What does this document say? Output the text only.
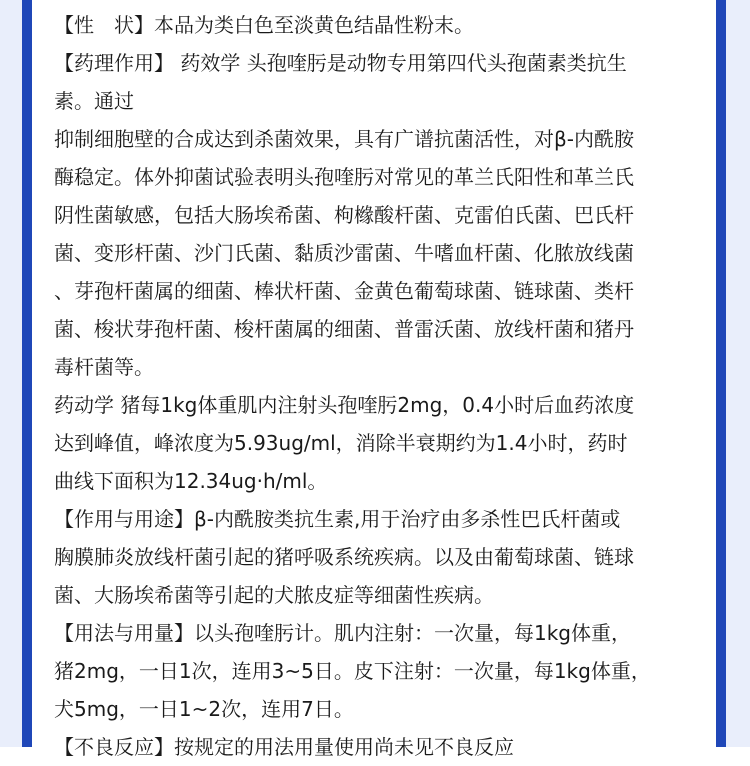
【性　状】本品为类白色至淡黄色结晶性粉末。
【药理作用】 药效学 头孢喹肟是动物专用第四代头孢菌素类抗生
素。通过
抑制细胞壁的合成达到杀菌效果，具有广谱抗菌活性，对β-内酰胺
酶稳定。体外抑菌试验表明头孢喹肟对常见的革兰氏阳性和革兰氏
阴性菌敏感，包括大肠埃希菌、枸橼酸杆菌、克雷伯氏菌、巴氏杆
菌、变形杆菌、沙门氏菌、黏质沙雷菌、牛嗜血杆菌、化脓放线菌
、芽孢杆菌属的细菌、棒状杆菌、金黄色葡萄球菌、链球菌、类杆
菌、梭状芽孢杆菌、梭杆菌属的细菌、普雷沃菌、放线杆菌和猪丹
毒杆菌等。
药动学 猪每1kg体重肌内注射头孢喹肟2mg，0.4小时后血药浓度
达到峰值，峰浓度为5.93ug/ml，消除半衰期约为1.4小时，药时
曲线下面积为12.34ug·h/ml。
【作用与用途】β-内酰胺类抗生素,用于治疗由多杀性巴氏杆菌或
胸膜肺炎放线杆菌引起的猪呼吸系统疾病。以及由葡萄球菌、链球
菌、大肠埃希菌等引起的犬脓皮症等细菌性疾病。
【用法与用量】以头孢喹肟计。肌内注射：一次量，每1kg体重，
猪2mg，一日1次，连用3~5日。皮下注射：一次量，每1kg体重，
犬5mg，一日1~2次，连用7日。
【不良反应】按规定的用法用量使用尚未见不良反应
